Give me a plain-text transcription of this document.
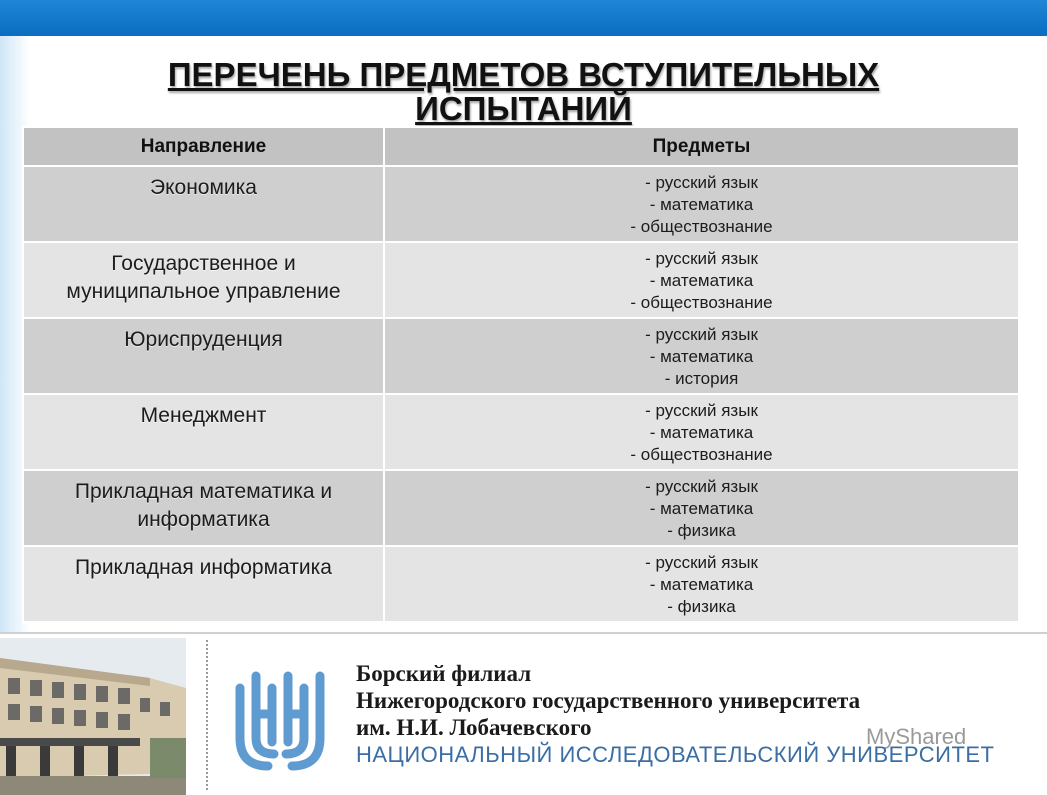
ПЕРЕЧЕНЬ ПРЕДМЕТОВ ВСТУПИТЕЛЬНЫХ
ИСПЫТАНИЙ
Направление	Предметы

Экономика	- русский язык
- математика
- обществознание

Государственное и муниципальное управление	- русский язык
- математика
- обществознание

Юриспруденция	- русский язык
- математика
- история

Менеджмент	- русский язык
- математика
- обществознание

Прикладная математика и информатика	- русский язык
- математика
- физика

Прикладная информатика	- русский язык
- математика
- физика
Борский филиал
Нижегородского государственного университета
им. Н.И. Лобачевского
НАЦИОНАЛЬНЫЙ ИССЛЕДОВАТЕЛЬСКИЙ УНИВЕРСИТЕТ
MyShared
